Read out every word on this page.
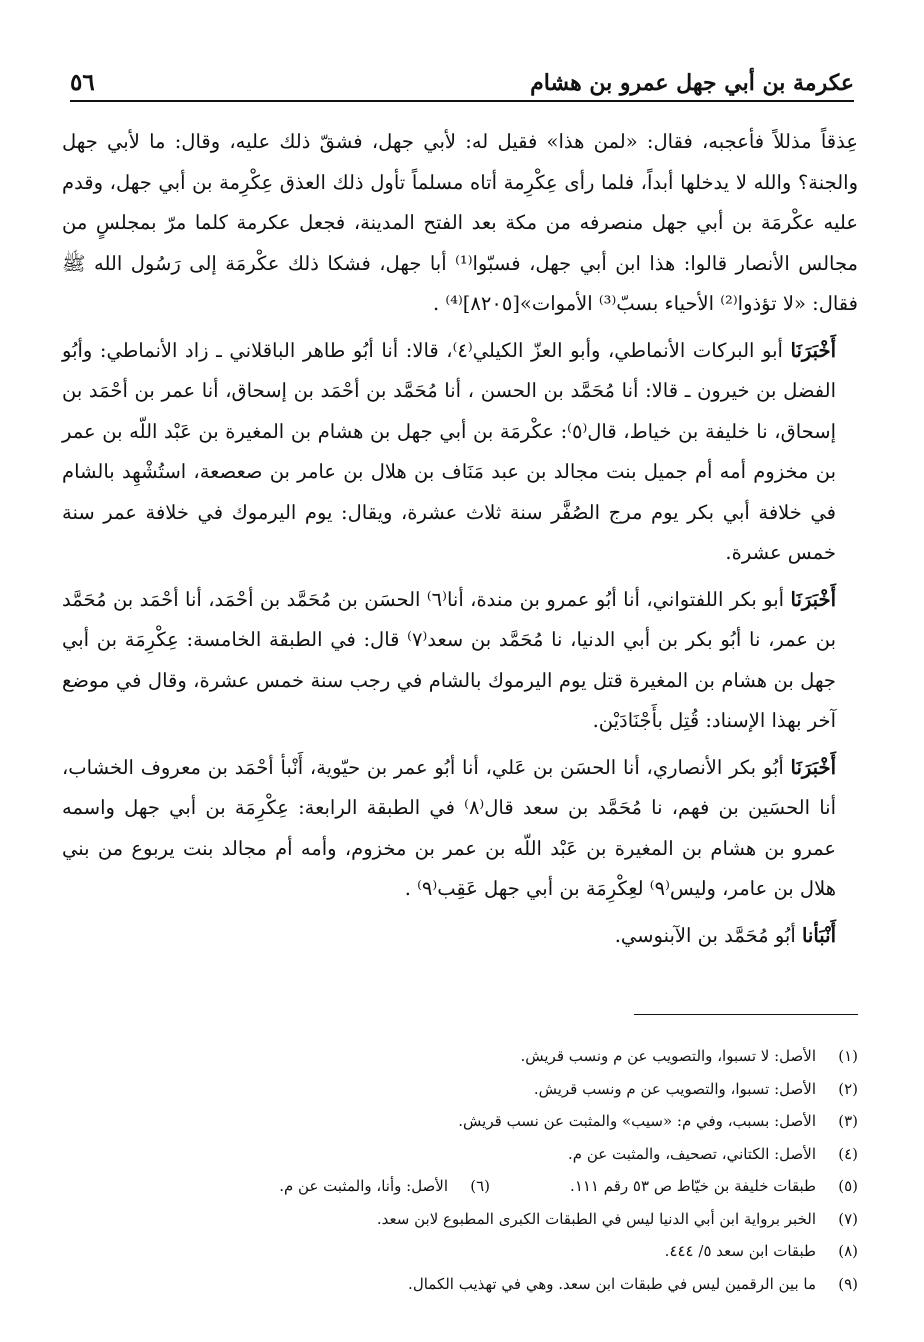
٥٦	عكرمة بن أبي جهل عمرو بن هشام

عِذقاً مذللاً فأعجبه، فقال: «لمن هذا» فقيل له: لأبي جهل، فشقّ ذلك عليه، وقال: ما لأبي جهل والجنة؟ والله لا يدخلها أبداً، فلما رأى عِكْرِمة أتاه مسلماً تأول ذلك العذق عِكْرِمة بن أبي جهل، وقدم عليه عكْرمَة بن أبي جهل منصرفه من مكة بعد الفتح المدينة، فجعل عكرمة كلما مرّ بمجلسٍ من مجالس الأنصار قالوا: هذا ابن أبي جهل، فسبّوا⁽¹⁾ أبا جهل، فشكا ذلك عكْرمَة إلى رَسُول الله ﷺ فقال: «لا تؤذوا⁽²⁾ الأحياء بسبّ⁽³⁾ الأموات»[٨٢٠٥]⁽⁴⁾ .

أَخْبَرَنَا أبو البركات الأنماطي، وأبو العزّ الكيلي⁽٤⁾، قالا: أنا أبُو طاهر الباقلاني ـ زاد الأنماطي: وأبُو الفضل بن خيرون ـ قالا: أنا مُحَمَّد بن الحسن ، أنا مُحَمَّد بن أحْمَد بن إسحاق، أنا عمر بن أحْمَد بن إسحاق، نا خليفة بن خياط، قال⁽٥⁾: عكْرمَة بن أبي جهل بن هشام بن المغيرة بن عَبْد اللّه بن عمر بن مخزوم أمه أم جميل بنت مجالد بن عبد مَنَاف بن هلال بن عامر بن صعصعة، استُشْهِد بالشام في خلافة أبي بكر يوم مرج الصُفَّر سنة ثلاث عشرة، ويقال: يوم اليرموك في خلافة عمر سنة خمس عشرة.

أَخْبَرَنَا أبو بكر اللفتواني، أنا أبُو عمرو بن مندة، أنا⁽٦⁾ الحسَن بن مُحَمَّد بن أحْمَد، أنا أحْمَد بن مُحَمَّد بن عمر، نا أبُو بكر بن أبي الدنيا، نا مُحَمَّد بن سعد⁽٧⁾ قال: في الطبقة الخامسة: عِكْرِمَة بن أبي جهل بن هشام بن المغيرة قتل يوم اليرموك بالشام في رجب سنة خمس عشرة، وقال في موضع آخر بهذا الإسناد: قُتِل بأَجْنَادَيْن.

أَخْبَرَنَا أبُو بكر الأنصاري، أنا الحسَن بن عَلي، أنا أبُو عمر بن حيّوية، أَنْبأ أحْمَد بن معروف الخشاب، أنا الحسَين بن فهم، نا مُحَمَّد بن سعد قال⁽٨⁾ في الطبقة الرابعة: عِكْرِمَة بن أبي جهل واسمه عمرو بن هشام بن المغيرة بن عَبْد اللّه بن عمر بن مخزوم، وأمه أم مجالد بنت يربوع من بني هلال بن عامر، وليس⁽٩⁾ لعِكْرِمَة بن أبي جهل عَقِب⁽٩⁾ .

أَنْبَأنا أبُو مُحَمَّد بن الآبنوسي.

(١)
الأصل: لا تسبوا، والتصويب عن م ونسب قريش.
(٢)
الأصل: تسبوا، والتصويب عن م ونسب قريش.
(٣)
الأصل: بسبب، وفي م: «سيب» والمثبت عن نسب قريش.
(٤)
الأصل: الكتاني، تصحيف، والمثبت عن م.
(٥)
طبقات خليفة بن خيّاط ص ٥٣ رقم ١١١.
(٦)
الأصل: وأنا، والمثبت عن م.
(٧)
الخبر برواية ابن أبي الدنيا ليس في الطبقات الكبرى المطبوع لابن سعد.
(٨)
طبقات ابن سعد ٥/ ٤٤٤.
(٩)
ما بين الرقمين ليس في طبقات ابن سعد. وهي في تهذيب الكمال.
